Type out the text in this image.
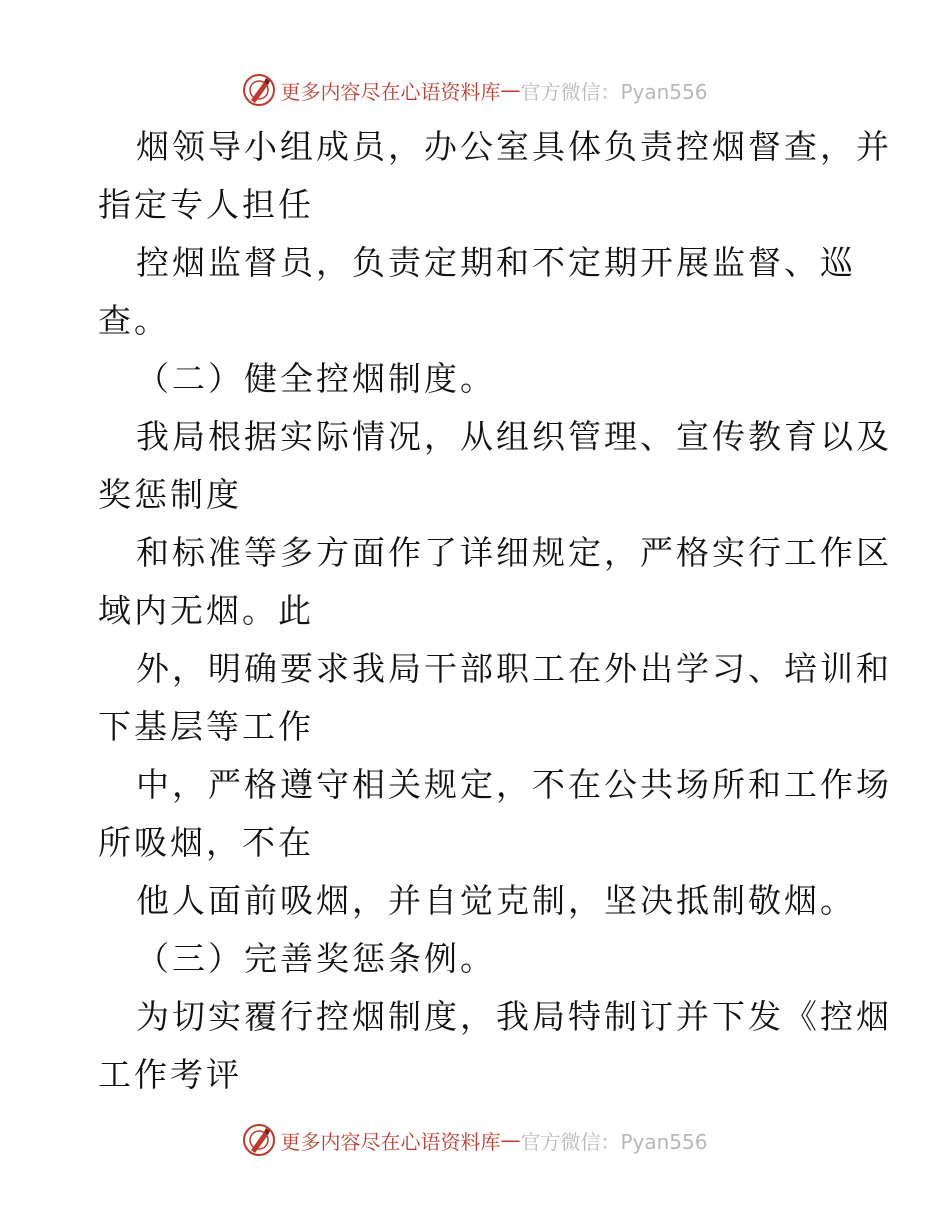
更多内容尽在心语资料库 — 官方微信：Pyan556
烟领导小组成员，办公室具体负责控烟督查，并
指定专人担任
控烟监督员，负责定期和不定期开展监督、巡
查。
（二）健全控烟制度。
我局根据实际情况，从组织管理、宣传教育以及
奖惩制度
和标准等多方面作了详细规定，严格实行工作区
域内无烟。此
外，明确要求我局干部职工在外出学习、培训和
下基层等工作
中，严格遵守相关规定，不在公共场所和工作场
所吸烟，不在
他人面前吸烟，并自觉克制，坚决抵制敬烟。
（三）完善奖惩条例。
为切实覆行控烟制度，我局特制订并下发《控烟
工作考评
更多内容尽在心语资料库 — 官方微信：Pyan556
